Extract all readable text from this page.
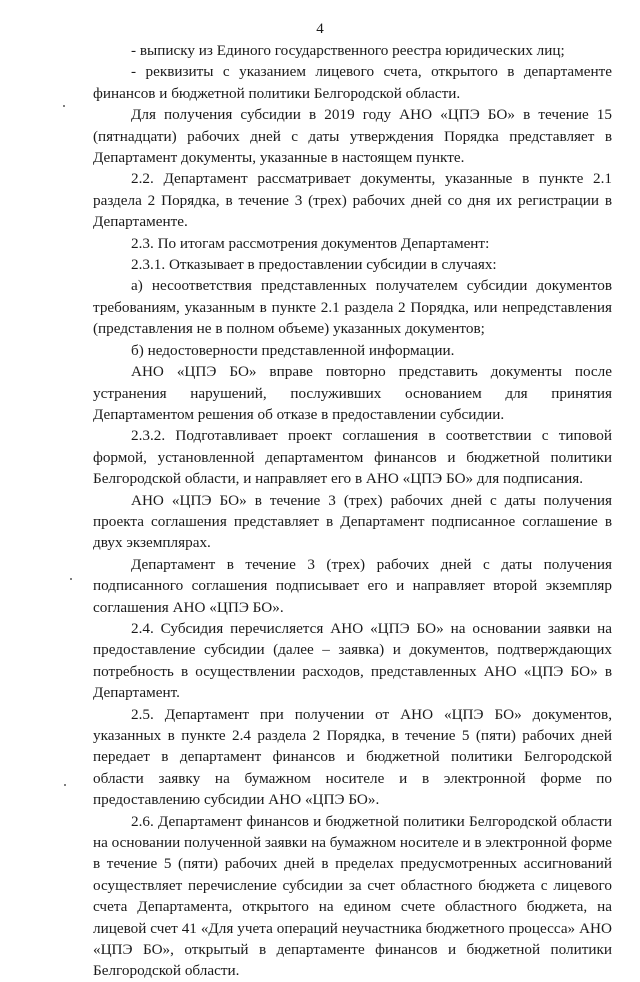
4

- выписку из Единого государственного реестра юридических лиц;

- реквизиты с указанием лицевого счета, открытого в департаменте финансов и бюджетной политики Белгородской области.

Для получения субсидии в 2019 году АНО «ЦПЭ БО» в течение 15 (пятнадцати) рабочих дней с даты утверждения Порядка представляет в Департамент документы, указанные в настоящем пункте.

2.2. Департамент рассматривает документы, указанные в пункте 2.1 раздела 2 Порядка, в течение 3 (трех) рабочих дней со дня их регистрации в Департаменте.

2.3. По итогам рассмотрения документов Департамент:

2.3.1. Отказывает в предоставлении субсидии в случаях:

а) несоответствия представленных получателем субсидии документов требованиям, указанным в пункте 2.1 раздела 2 Порядка, или непредставления (представления не в полном объеме) указанных документов;

б) недостоверности представленной информации.

АНО «ЦПЭ БО» вправе повторно представить документы после устранения нарушений, послуживших основанием для принятия Департаментом решения об отказе в предоставлении субсидии.

2.3.2. Подготавливает проект соглашения в соответствии с типовой формой, установленной департаментом финансов и бюджетной политики Белгородской области, и направляет его в АНО «ЦПЭ БО» для подписания.

АНО «ЦПЭ БО» в течение 3 (трех) рабочих дней с даты получения проекта соглашения представляет в Департамент подписанное соглашение в двух экземплярах.

Департамент в течение 3 (трех) рабочих дней с даты получения подписанного соглашения подписывает его и направляет второй экземпляр соглашения АНО «ЦПЭ БО».

2.4. Субсидия перечисляется АНО «ЦПЭ БО» на основании заявки на предоставление субсидии (далее – заявка) и документов, подтверждающих потребность в осуществлении расходов, представленных АНО «ЦПЭ БО» в Департамент.

2.5. Департамент при получении от АНО «ЦПЭ БО» документов, указанных в пункте 2.4 раздела 2 Порядка, в течение 5 (пяти) рабочих дней передает в департамент финансов и бюджетной политики Белгородской области заявку на бумажном носителе и в электронной форме по предоставлению субсидии АНО «ЦПЭ БО».

2.6. Департамент финансов и бюджетной политики Белгородской области на основании полученной заявки на бумажном носителе и в электронной форме в течение 5 (пяти) рабочих дней в пределах предусмотренных ассигнований осуществляет перечисление субсидии за счет областного бюджета с лицевого счета Департамента, открытого на едином счете областного бюджета, на лицевой счет 41 «Для учета операций неучастника бюджетного процесса» АНО «ЦПЭ БО», открытый в департаменте финансов и бюджетной политики Белгородской области.
